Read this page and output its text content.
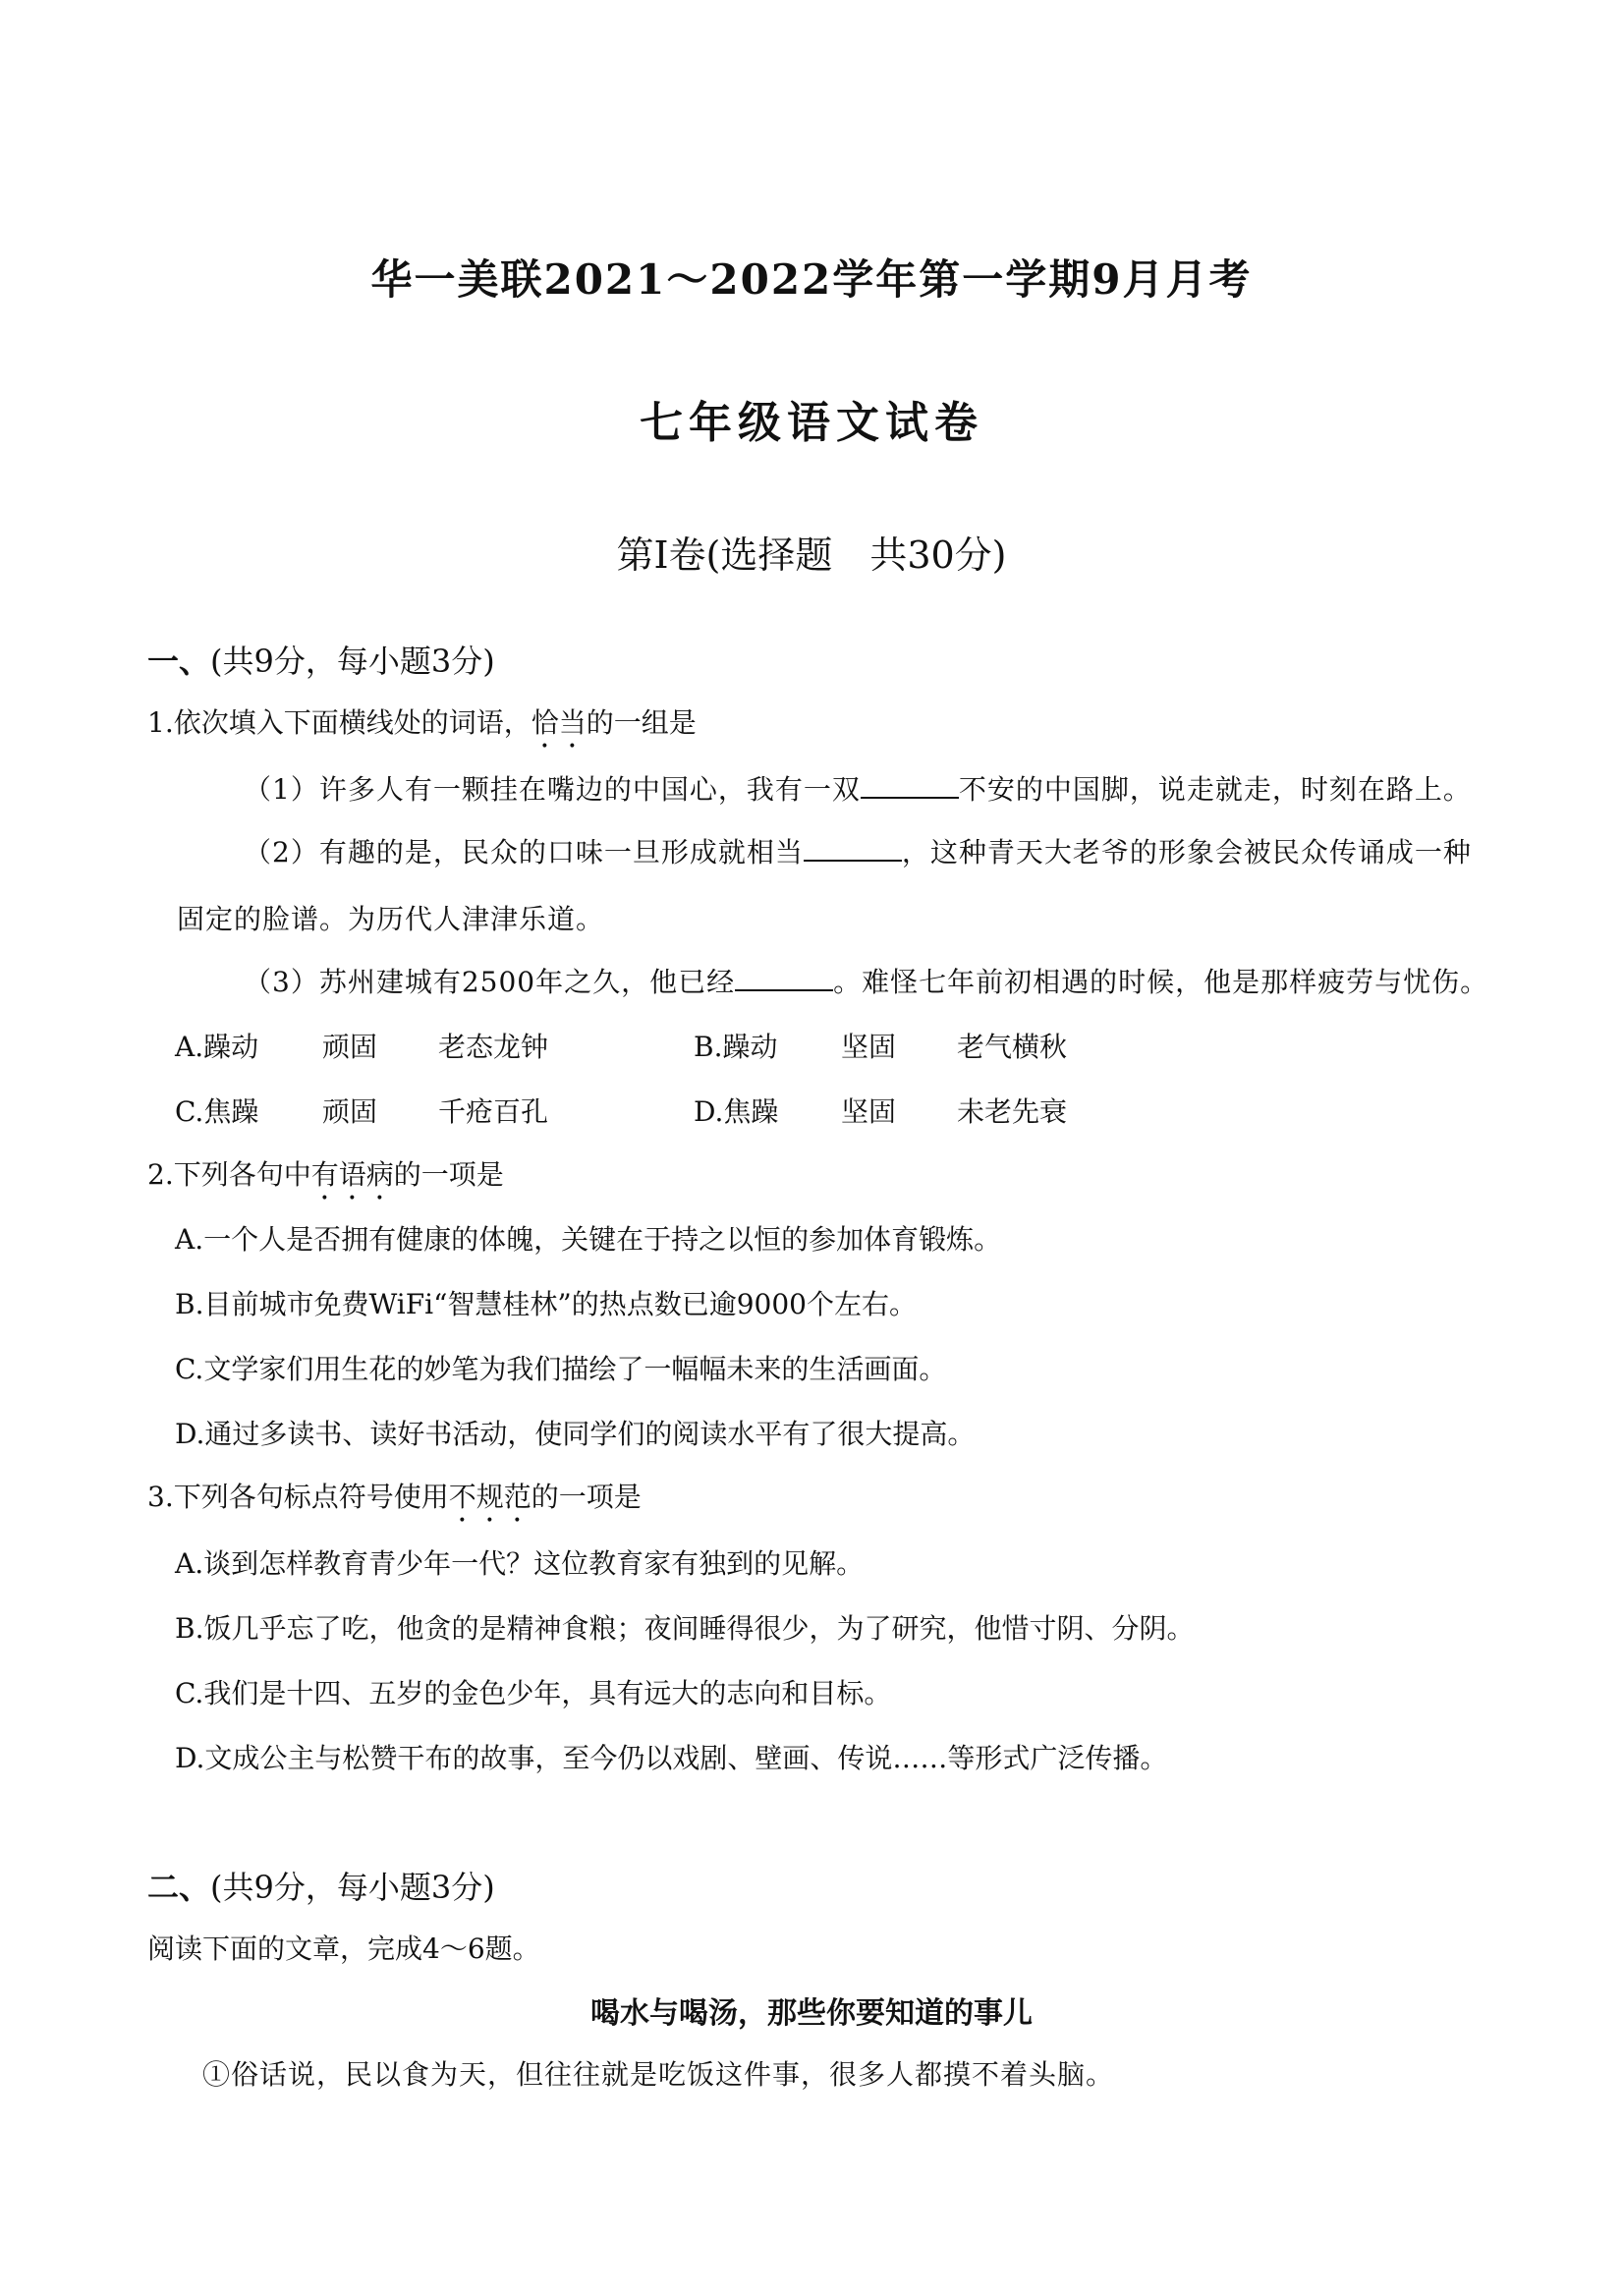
华一美联2021～2022学年第一学期9月月考
七年级语文试卷
第Ⅰ卷(选择题　共30分)
一、(共9分，每小题3分)
1.依次填入下面横线处的词语，恰当的一组是
（1）许多人有一颗挂在嘴边的中国心，我有一双	不安的中国脚，说走就走，时刻在路上。
（2）有趣的是，民众的口味一旦形成就相当	，这种青天大老爷的形象会被民众传诵成一种
固定的脸谱。为历代人津津乐道。
（3）苏州建城有2500年之久，他已经	。难怪七年前初相遇的时候，他是那样疲劳与忧伤。
A.躁动 顽固 老态龙钟	B.躁动 坚固 老气横秋
C.焦躁 顽固 千疮百孔	D.焦躁 坚固 未老先衰
2.下列各句中有语病的一项是
A.一个人是否拥有健康的体魄，关键在于持之以恒的参加体育锻炼。
B.目前城市免费WiFi“智慧桂林”的热点数已逾9000个左右。
C.文学家们用生花的妙笔为我们描绘了一幅幅未来的生活画面。
D.通过多读书、读好书活动，使同学们的阅读水平有了很大提高。
3.下列各句标点符号使用不规范的一项是
A.谈到怎样教育青少年一代？这位教育家有独到的见解。
B.饭几乎忘了吃，他贪的是精神食粮；夜间睡得很少，为了研究，他惜寸阴、分阴。
C.我们是十四、五岁的金色少年，具有远大的志向和目标。
D.文成公主与松赞干布的故事，至今仍以戏剧、壁画、传说……等形式广泛传播。
二、(共9分，每小题3分)
阅读下面的文章，完成4～6题。
喝水与喝汤，那些你要知道的事儿
①俗话说，民以食为天，但往往就是吃饭这件事，很多人都摸不着头脑。
